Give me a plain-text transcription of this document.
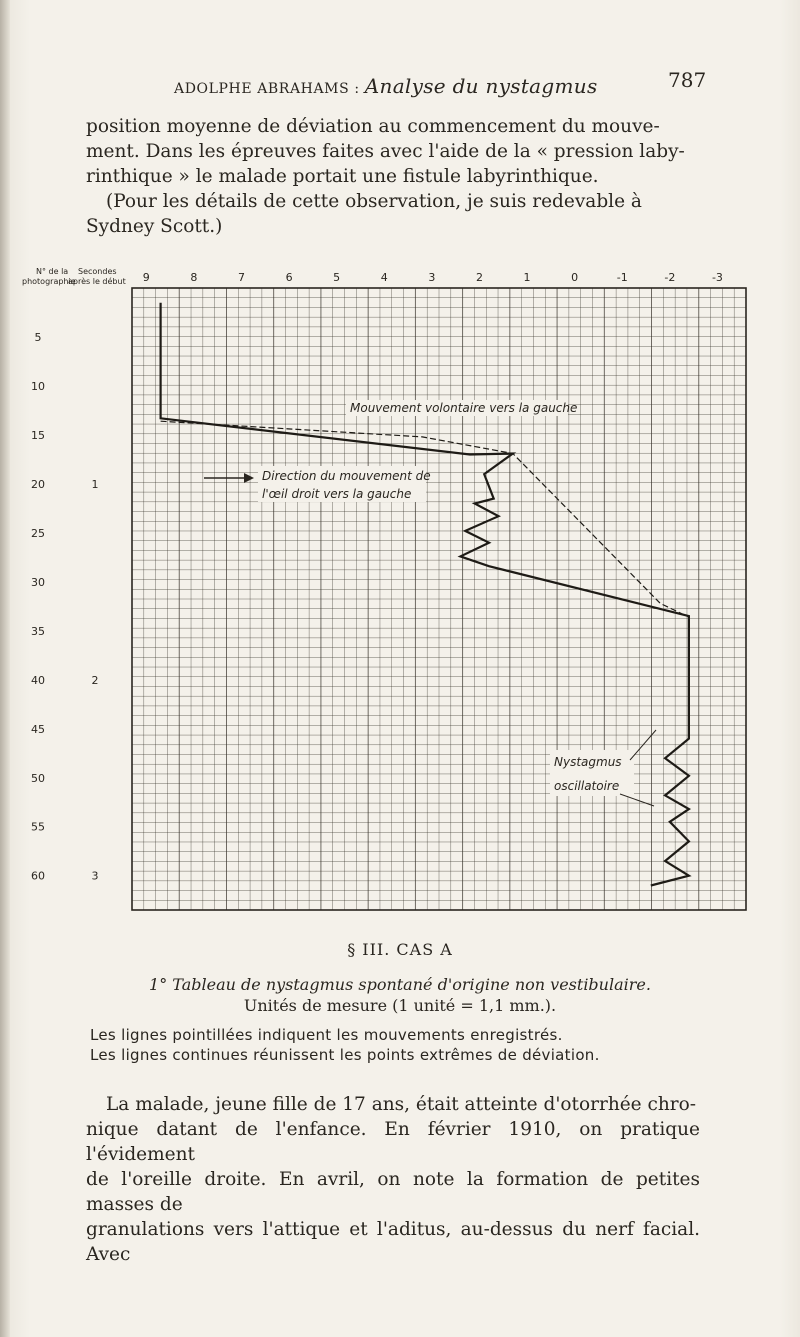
ADOLPHE ABRAHAMS : Analyse du nystagmus	787

position moyenne de déviation au commencement du mouve-

ment. Dans les épreuves faites avec l'aide de la « pression laby-

rinthique » le malade portait une fistule labyrinthique.

(Pour les détails de cette observation, je suis redevable à

Sydney Scott.)

N° de la
photographie
Secondes
après le début 9	8	7	6	5	4	3	2	1	0	-1	-2	-3
5
10
15
20
25
30
35
40
45
50
55
60
1
2
3
Mouvement volontaire vers la gauche
Direction du mouvement de
l'œil droit vers la gauche
Nystagmus
oscillatoire
§ III. CAS A
1° Tableau de nystagmus spontané d'origine non vestibulaire.
Unités de mesure (1 unité = 1,1 mm.).
Les lignes pointillées indiquent les mouvements enregistrés.
Les lignes continues réunissent les points extrêmes de déviation.

La malade, jeune fille de 17 ans, était atteinte d'otorrhée chro-

nique datant de l'enfance. En février 1910, on pratique l'évidement

de l'oreille droite. En avril, on note la formation de petites masses de

granulations vers l'attique et l'aditus, au-dessus du nerf facial. Avec
